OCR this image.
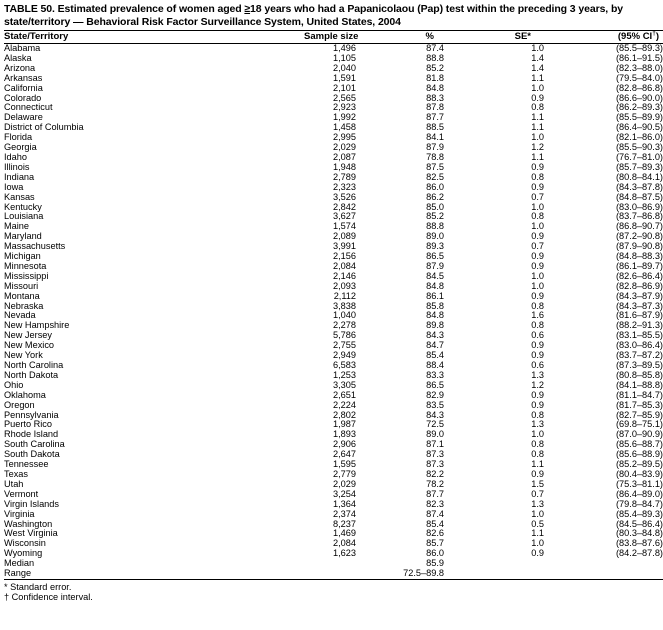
TABLE 50. Estimated prevalence of women aged ≥18 years who had a Papanicolaou (Pap) test within the preceding 3 years, by state/territory — Behavioral Risk Factor Surveillance System, United States, 2004
State/Territory	Sample size	%	SE*	(95% CI†)
Alabama	1,496	87.4	1.0	(85.5–89.3)
Alaska	1,105	88.8	1.4	(86.1–91.5)
Arizona	2,040	85.2	1.4	(82.3–88.0)
Arkansas	1,591	81.8	1.1	(79.5–84.0)
California	2,101	84.8	1.0	(82.8–86.8)
Colorado	2,565	88.3	0.9	(86.6–90.0)
Connecticut	2,923	87.8	0.8	(86.2–89.3)
Delaware	1,992	87.7	1.1	(85.5–89.9)
District of Columbia	1,458	88.5	1.1	(86.4–90.5)
Florida	2,995	84.1	1.0	(82.1–86.0)
Georgia	2,029	87.9	1.2	(85.5–90.3)
Idaho	2,087	78.8	1.1	(76.7–81.0)
Illinois	1,948	87.5	0.9	(85.7–89.3)
Indiana	2,789	82.5	0.8	(80.8–84.1)
Iowa	2,323	86.0	0.9	(84.3–87.8)
Kansas	3,526	86.2	0.7	(84.8–87.5)
Kentucky	2,842	85.0	1.0	(83.0–86.9)
Louisiana	3,627	85.2	0.8	(83.7–86.8)
Maine	1,574	88.8	1.0	(86.8–90.7)
Maryland	2,089	89.0	0.9	(87.2–90.8)
Massachusetts	3,991	89.3	0.7	(87.9–90.8)
Michigan	2,156	86.5	0.9	(84.8–88.3)
Minnesota	2,084	87.9	0.9	(86.1–89.7)
Mississippi	2,146	84.5	1.0	(82.6–86.4)
Missouri	2,093	84.8	1.0	(82.8–86.9)
Montana	2,112	86.1	0.9	(84.3–87.9)
Nebraska	3,838	85.8	0.8	(84.3–87.3)
Nevada	1,040	84.8	1.6	(81.6–87.9)
New Hampshire	2,278	89.8	0.8	(88.2–91.3)
New Jersey	5,786	84.3	0.6	(83.1–85.5)
New Mexico	2,755	84.7	0.9	(83.0–86.4)
New York	2,949	85.4	0.9	(83.7–87.2)
North Carolina	6,583	88.4	0.6	(87.3–89.5)
North Dakota	1,253	83.3	1.3	(80.8–85.8)
Ohio	3,305	86.5	1.2	(84.1–88.8)
Oklahoma	2,651	82.9	0.9	(81.1–84.7)
Oregon	2,224	83.5	0.9	(81.7–85.3)
Pennsylvania	2,802	84.3	0.8	(82.7–85.9)
Puerto Rico	1,987	72.5	1.3	(69.8–75.1)
Rhode Island	1,893	89.0	1.0	(87.0–90.9)
South Carolina	2,906	87.1	0.8	(85.6–88.7)
South Dakota	2,647	87.3	0.8	(85.6–88.9)
Tennessee	1,595	87.3	1.1	(85.2–89.5)
Texas	2,779	82.2	0.9	(80.4–83.9)
Utah	2,029	78.2	1.5	(75.3–81.1)
Vermont	3,254	87.7	0.7	(86.4–89.0)
Virgin Islands	1,364	82.3	1.3	(79.8–84.7)
Virginia	2,374	87.4	1.0	(85.4–89.3)
Washington	8,237	85.4	0.5	(84.5–86.4)
West Virginia	1,469	82.6	1.1	(80.3–84.8)
Wisconsin	2,084	85.7	1.0	(83.8–87.6)
Wyoming	1,623	86.0	0.9	(84.2–87.8)
Median		85.9		
Range		72.5–89.8		
* Standard error.
† Confidence interval.
